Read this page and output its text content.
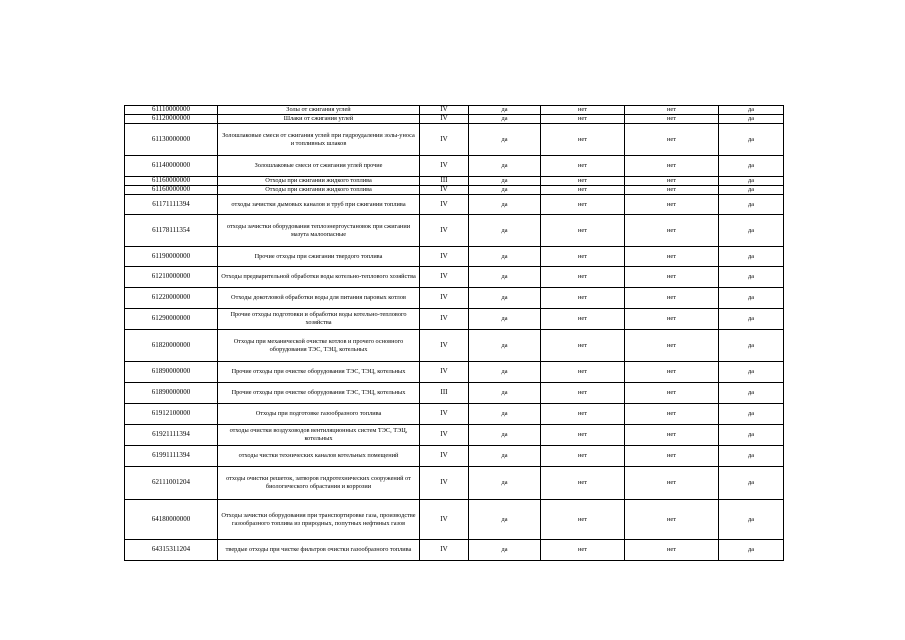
61110000000	Золы от сжигания углей	IV	да	нет	нет	да
61120000000	Шлаки от сжигания углей	IV	да	нет	нет	да
61130000000	Золошлаковые смеси от сжигания углей при гидроудалении золы-уноса и топливных шлаков	IV	да	нет	нет	да
61140000000	Золошлаковые смеси от сжигания углей прочие	IV	да	нет	нет	да
61160000000	Отходы при сжигании жидкого топлива	III	да	нет	нет	да
61160000000	Отходы при сжигании жидкого топлива	IV	да	нет	нет	да
61171111394	отходы зачистки дымовых каналов и труб при сжигании топлива	IV	да	нет	нет	да
61178111354	отходы зачистки оборудования теплоэнергоустановок при сжигании мазута малоопасные	IV	да	нет	нет	да
61190000000	Прочие отходы при сжигании твердого топлива	IV	да	нет	нет	да
61210000000	Отходы предварительной обработки воды котельно-теплового хозяйства	IV	да	нет	нет	да
61220000000	Отходы докотловой обработки воды для питания паровых котлов	IV	да	нет	нет	да
61290000000	Прочие отходы подготовки и обработки воды котельно-теплового хозяйства	IV	да	нет	нет	да
61820000000	Отходы при механической очистке котлов и прочего основного оборудования ТЭС, ТЭЦ, котельных	IV	да	нет	нет	да
61890000000	Прочие отходы при очистке оборудования ТЭС, ТЭЦ, котельных	IV	да	нет	нет	да
61890000000	Прочие отходы при очистке оборудования ТЭС, ТЭЦ, котельных	III	да	нет	нет	да
61912100000	Отходы при подготовке газообразного топлива	IV	да	нет	нет	да
61921111394	отходы очистки воздуховодов вентиляционных систем ТЭС, ТЭЦ, котельных	IV	да	нет	нет	да
61991111394	отходы чистки технических каналов котельных помещений	IV	да	нет	нет	да
62111001204	отходы очистки решеток, затворов гидротехнических сооружений от биологического обрастания и коррозии	IV	да	нет	нет	да
64180000000	Отходы зачистки оборудования при транспортировке газа, производстве газообразного топлива из природных, попутных нефтяных газов	IV	да	нет	нет	да
64315311204	твердые отходы при чистке фильтров очистки газообразного топлива	IV	да	нет	нет	да
